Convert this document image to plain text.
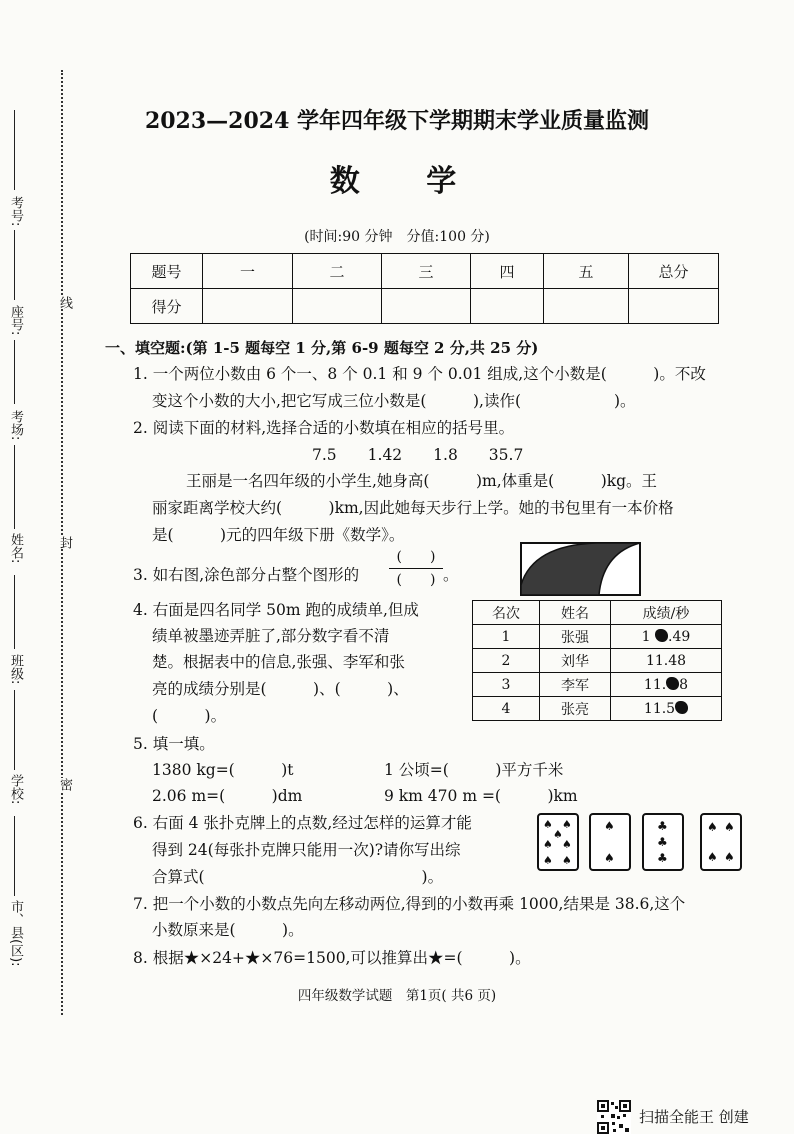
考号:
座号:
考场:
姓名:
班级:
学校:
市、县(区):
线
封
密
2023—2024 学年四年级下学期期末学业质量监测
数 学
(时间:90 分钟　分值:100 分)
题号	一	二	三	四	五	总分
得分						
一、填空题:(第 1-5 题每空 1 分,第 6-9 题每空 2 分,共 25 分)
1. 一个两位小数由 6 个一、8 个 0.1 和 9 个 0.01 组成,这个小数是(　　　)。不改
变这个小数的大小,把它写成三位小数是(　　　),读作(　　　　　　)。
2. 阅读下面的材料,选择合适的小数填在相应的括号里。
7.5　　1.42　　1.8　　35.7
王丽是一名四年级的小学生,她身高(　　　)m,体重是(　　　)kg。王
丽家距离学校大约(　　　)km,因此她每天步行上学。她的书包里有一本价格
是(　　　)元的四年级下册《数学》。
3. 如右图,涂色部分占整个图形的
(　　)
(　　) 。
4. 右面是四名同学 50m 跑的成绩单,但成
绩单被墨迹弄脏了,部分数字看不清
楚。根据表中的信息,张强、李军和张
亮的成绩分别是(　　　)、(　　　)、
(　　　)。
名次	姓名	成绩/秒
1	张强	1 .49
2	刘华	11.48
3	李军	11. 8
4	张亮	11.5
5. 填一填。
1380 kg=(　　　)t	1 公顷=(　　　)平方千米
2.06 m=(　　　)dm	9 km 470 m =(　　　)km
6. 右面 4 张扑克牌上的点数,经过怎样的运算才能
得到 24(每张扑克牌只能用一次)?请你写出综
合算式(　　　　　　　　　　　　　　)。
♠ ♠
♠
♠ ♠
♠ ♠
♠
♠
♣
♣
♣
♠ ♠
♠ ♠
7. 把一个小数的小数点先向左移动两位,得到的小数再乘 1000,结果是 38.6,这个
小数原来是(　　　)。
8. 根据★×24+★×76=1500,可以推算出★=(　　　)。
四年级数学试题　第1页( 共6 页)
扫描全能王 创建
